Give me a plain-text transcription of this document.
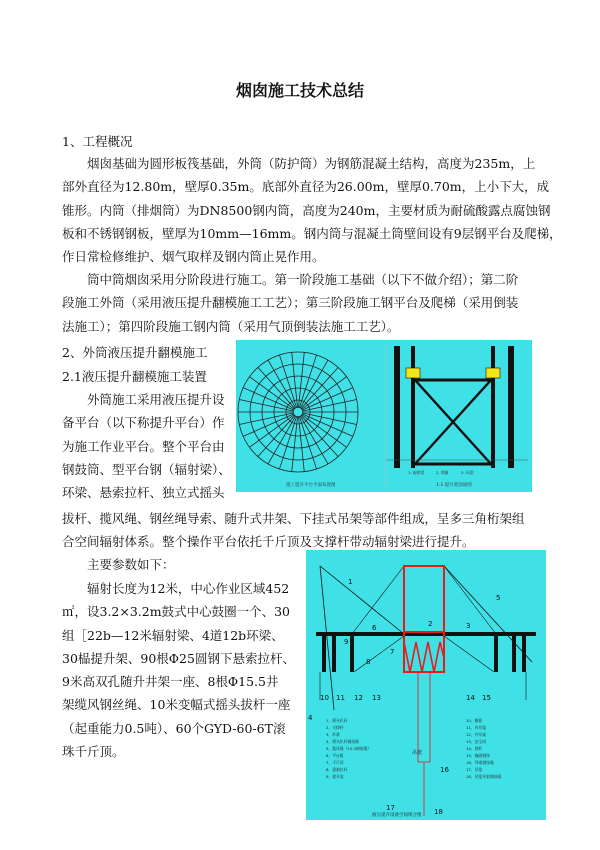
烟囱施工技术总结
1、工程概况
　　烟囱基础为圆形板筏基础，外筒（防护筒）为钢筋混凝土结构，高度为235m，上
部外直径为12.80m，壁厚0.35m。底部外直径为26.00m，壁厚0.70m，上小下大，成
锥形。内筒（排烟筒）为DN8500钢内筒，高度为240m，主要材质为耐硫酸露点腐蚀钢
板和不锈钢钢板，壁厚为10mm—16mm。钢内筒与混凝土筒壁间设有9层钢平台及爬梯，
作日常检修维护、烟气取样及钢内筒止晃作用。
　　筒中筒烟囱采用分阶段进行施工。第一阶段施工基础（以下不做介绍）；第二阶
段施工外筒（采用液压提升翻模施工工艺）；第三阶段施工钢平台及爬梯（采用倒装
法施工）；第四阶段施工钢内筒（采用气顶倒装法施工工艺）。
2、外筒液压提升翻模施工
2.1液压提升翻模施工装置
　　外筒施工采用液压提升设
备平台（以下称提升平台）作
为施工作业平台。整个平台由
钢鼓筒、型平台钢（辐射梁）、
环梁、悬索拉杆、独立式摇头
拔杆、揽风绳、钢丝绳导索、随升式井架、下挂式吊架等部件组成，呈多三角桁架组
合空间辐射体系。整个操作平台依托千斤顶及支撑杆带动辐射梁进行提升。
　　主要参数如下：
　　辐射长度为12米，中心作业区域452
㎡，设3.2×3.2m鼓式中心鼓圈一个、30
组［22b—12米辐射梁、4道12b环梁、
30榀提升架、90根Φ25圆钢下悬索拉杆、
9米高双孔随升井架一座、8根Φ15.5井
架缆风钢丝绳、10米变幅式摇头拔杆一座
（起重能力0.5吨）、60个GYD-60-6T滚
珠千斤顶。
施工提升平台平面布置图	1-1 提升架剖面图
1. 辐射梁	2. 钢圈	3. 环梁
1
2	3
4
5
6
7
8
9
10 11 12 13	14 15
16
17	18
吊笼
1、摇头扒杆
2、支撑杆
3、环梁
4、摇头扒杆钢丝绳
5、揽风绳（15.5钢丝绳）
6、平台板
7、千斤顶
8、悬索拉杆
9、提升架
10、模板
11、内吊架
12、外吊架
13、安全网
14、撑杆
15、拖副钢丝
16、导索钢丝绳
17、吊笼
18、吊笼导索钢丝绳
液压提升设备空间组合图
